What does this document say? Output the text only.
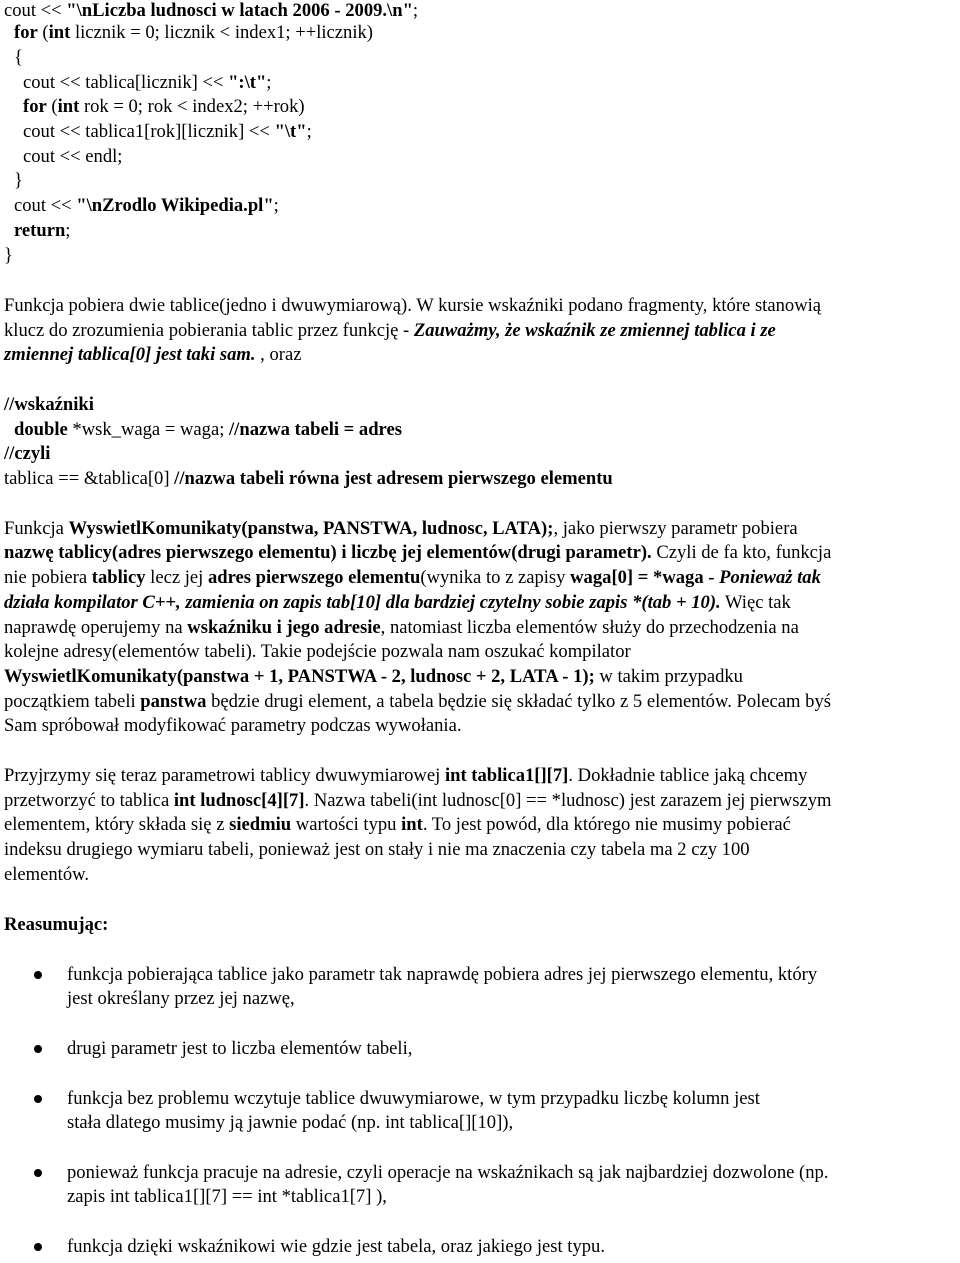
cout << "\nLiczba ludnosci w latach 2006 - 2009.\n";
for (int licznik = 0; licznik < index1; ++licznik)
{
cout << tablica[licznik] << ":\t";
for (int rok = 0; rok < index2; ++rok)
cout << tablica1[rok][licznik] << "\t";
cout << endl;
}
cout << "\nZrodlo Wikipedia.pl";
return;
}
Funkcja pobiera dwie tablice(jedno i dwuwymiarową). W kursie wskaźniki podano fragmenty, które stanowią
klucz do zrozumienia pobierania tablic przez funkcję - Zauważmy, że wskaźnik ze zmiennej tablica i ze
zmiennej tablica[0] jest taki sam. , oraz
//wskaźniki
double *wsk_waga = waga; //nazwa tabeli = adres
//czyli
tablica == &tablica[0] //nazwa tabeli równa jest adresem pierwszego elementu
Funkcja WyswietlKomunikaty(panstwa, PANSTWA, ludnosc, LATA);, jako pierwszy parametr pobiera
nazwę tablicy(adres pierwszego elementu) i liczbę jej elementów(drugi parametr). Czyli de fa kto, funkcja
nie pobiera tablicy lecz jej adres pierwszego elementu(wynika to z zapisy waga[0] = *waga - Ponieważ tak
działa kompilator C++, zamienia on zapis tab[10] dla bardziej czytelny sobie zapis *(tab + 10). Więc tak
naprawdę operujemy na wskaźniku i jego adresie, natomiast liczba elementów służy do przechodzenia na
kolejne adresy(elementów tabeli). Takie podejście pozwala nam oszukać kompilator
WyswietlKomunikaty(panstwa + 1, PANSTWA - 2, ludnosc + 2, LATA - 1); w takim przypadku
początkiem tabeli panstwa będzie drugi element, a tabela będzie się składać tylko z 5 elementów. Polecam byś
Sam spróbował modyfikować parametry podczas wywołania.
Przyjrzymy się teraz parametrowi tablicy dwuwymiarowej int tablica1[][7]. Dokładnie tablice jaką chcemy
przetworzyć to tablica int ludnosc[4][7]. Nazwa tabeli(int ludnosc[0] == *ludnosc) jest zarazem jej pierwszym
elementem, który składa się z siedmiu wartości typu int. To jest powód, dla którego nie musimy pobierać
indeksu drugiego wymiaru tabeli, ponieważ jest on stały i nie ma znaczenia czy tabela ma 2 czy 100
elementów.
Reasumując:
funkcja pobierająca tablice jako parametr tak naprawdę pobiera adres jej pierwszego elementu, który
jest określany przez jej nazwę,
drugi parametr jest to liczba elementów tabeli,
funkcja bez problemu wczytuje tablice dwuwymiarowe, w tym przypadku liczbę kolumn jest
stała dlatego musimy ją jawnie podać (np. int tablica[][10]),
ponieważ funkcja pracuje na adresie, czyli operacje na wskaźnikach są jak najbardziej dozwolone (np.
zapis int tablica1[][7] == int *tablica1[7] ),
funkcja dzięki wskaźnikowi wie gdzie jest tabela, oraz jakiego jest typu.
